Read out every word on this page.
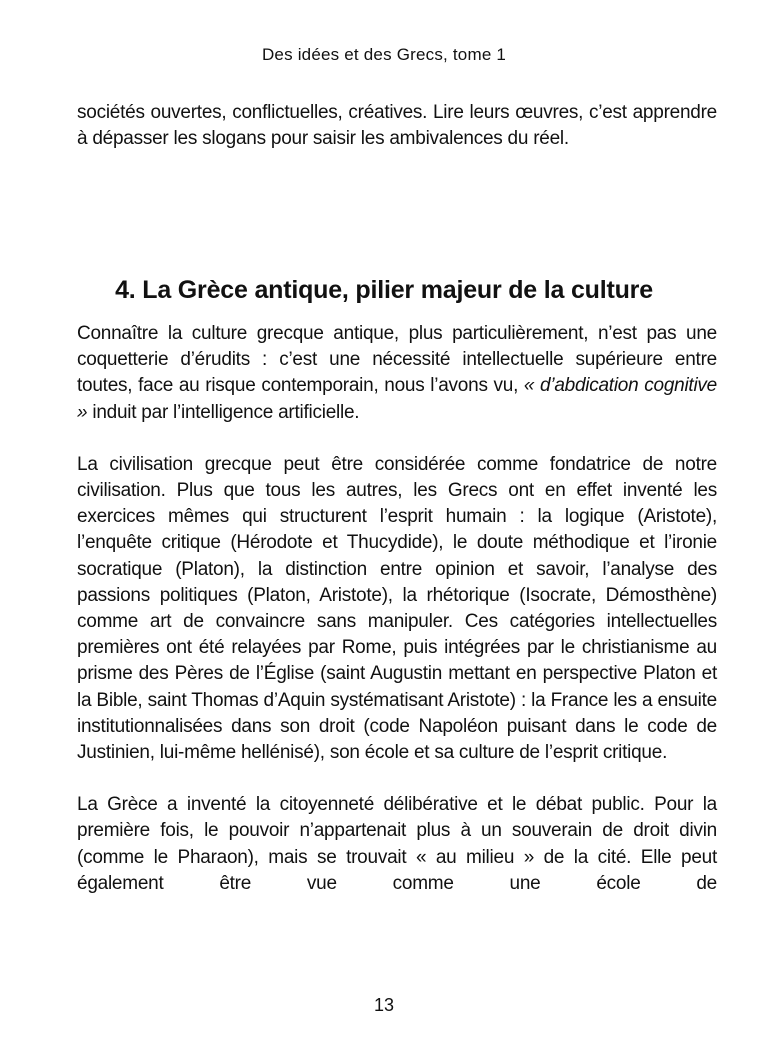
Des idées et des Grecs, tome 1

sociétés ouvertes, conflictuelles, créatives. Lire leurs œuvres, c’est apprendre à dépasser les slogans pour saisir les ambivalences du réel.

4. La Grèce antique, pilier majeur de la culture

Connaître la culture grecque antique, plus particulièrement, n’est pas une coquetterie d’érudits : c’est une nécessité intellectuelle supérieure entre toutes, face au risque contemporain, nous l’avons vu, « d’abdication cognitive » induit par l’intelligence artificielle.

La civilisation grecque peut être considérée comme fondatrice de notre civilisation. Plus que tous les autres, les Grecs ont en effet inventé les exercices mêmes qui structurent l’esprit humain : la logique (Aristote), l’enquête critique (Hérodote et Thucydide), le doute méthodique et l’ironie socratique (Platon), la distinction entre opinion et savoir, l’analyse des passions politiques (Platon, Aristote), la rhétorique (Isocrate, Démosthène) comme art de convaincre sans manipuler. Ces catégories intellectuelles premières ont été relayées par Rome, puis intégrées par le christianisme au prisme des Pères de l’Église (saint Augustin mettant en perspective Platon et la Bible, saint Thomas d’Aquin systématisant Aristote) : la France les a ensuite institutionnalisées dans son droit (code Napoléon puisant dans le code de Justinien, lui-même hellénisé), son école et sa culture de l’esprit critique.

La Grèce a inventé la citoyenneté délibérative et le débat public. Pour la première fois, le pouvoir n’appartenait plus à un souverain de droit divin (comme le Pharaon), mais se trouvait « au milieu » de la cité. Elle peut également être vue comme une école de

13
